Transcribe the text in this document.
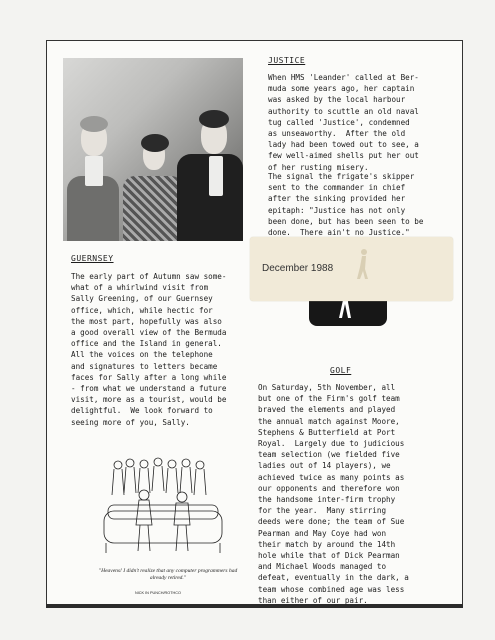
JUSTICE
When HMS 'Leander' called at Ber-
muda some years ago, her captain
was asked by the local harbour
authority to scuttle an old naval
tug called 'Justice', condemned
as unseaworthy.  After the old
lady had been towed out to see, a
few well-aimed shells put her out
of her rusting misery.
The signal the frigate's skipper
sent to the commander in chief
after the sinking provided her
epitaph: "Justice has not only
been done, but has been seen to be
done.  There ain't no Justice."
December 1988
GUERNSEY
The early part of Autumn saw some-
what of a whirlwind visit from
Sally Greening, of our Guernsey
office, which, while hectic for
the most part, hopefully was also
a good overall view of the Bermuda
office and the Island in general.
All the voices on the telephone
and signatures to letters became
faces for Sally after a long while
- from what we understand a future
visit, more as a tourist, would be
delightful.  We look forward to
seeing more of you, Sally.
GOLF
On Saturday, 5th November, all
but one of the Firm's golf team
braved the elements and played
the annual match against Moore,
Stephens & Butterfield at Port
Royal.  Largely due to judicious
team selection (we fielded five
ladies out of 14 players), we
achieved twice as many points as
our opponents and therefore won
the handsome inter-firm trophy
for the year.  Many stirring
deeds were done; the team of Sue
Pearman and May Coye had won
their match by around the 14th
hole while that of Dick Pearman
and Michael Woods managed to
defeat, eventually in the dark, a
team whose combined age was less
than either of our pair.
"Heavens! I didn't realize that any computer programmers had already retired."
NICK IN PUNCH/ROTHCO
